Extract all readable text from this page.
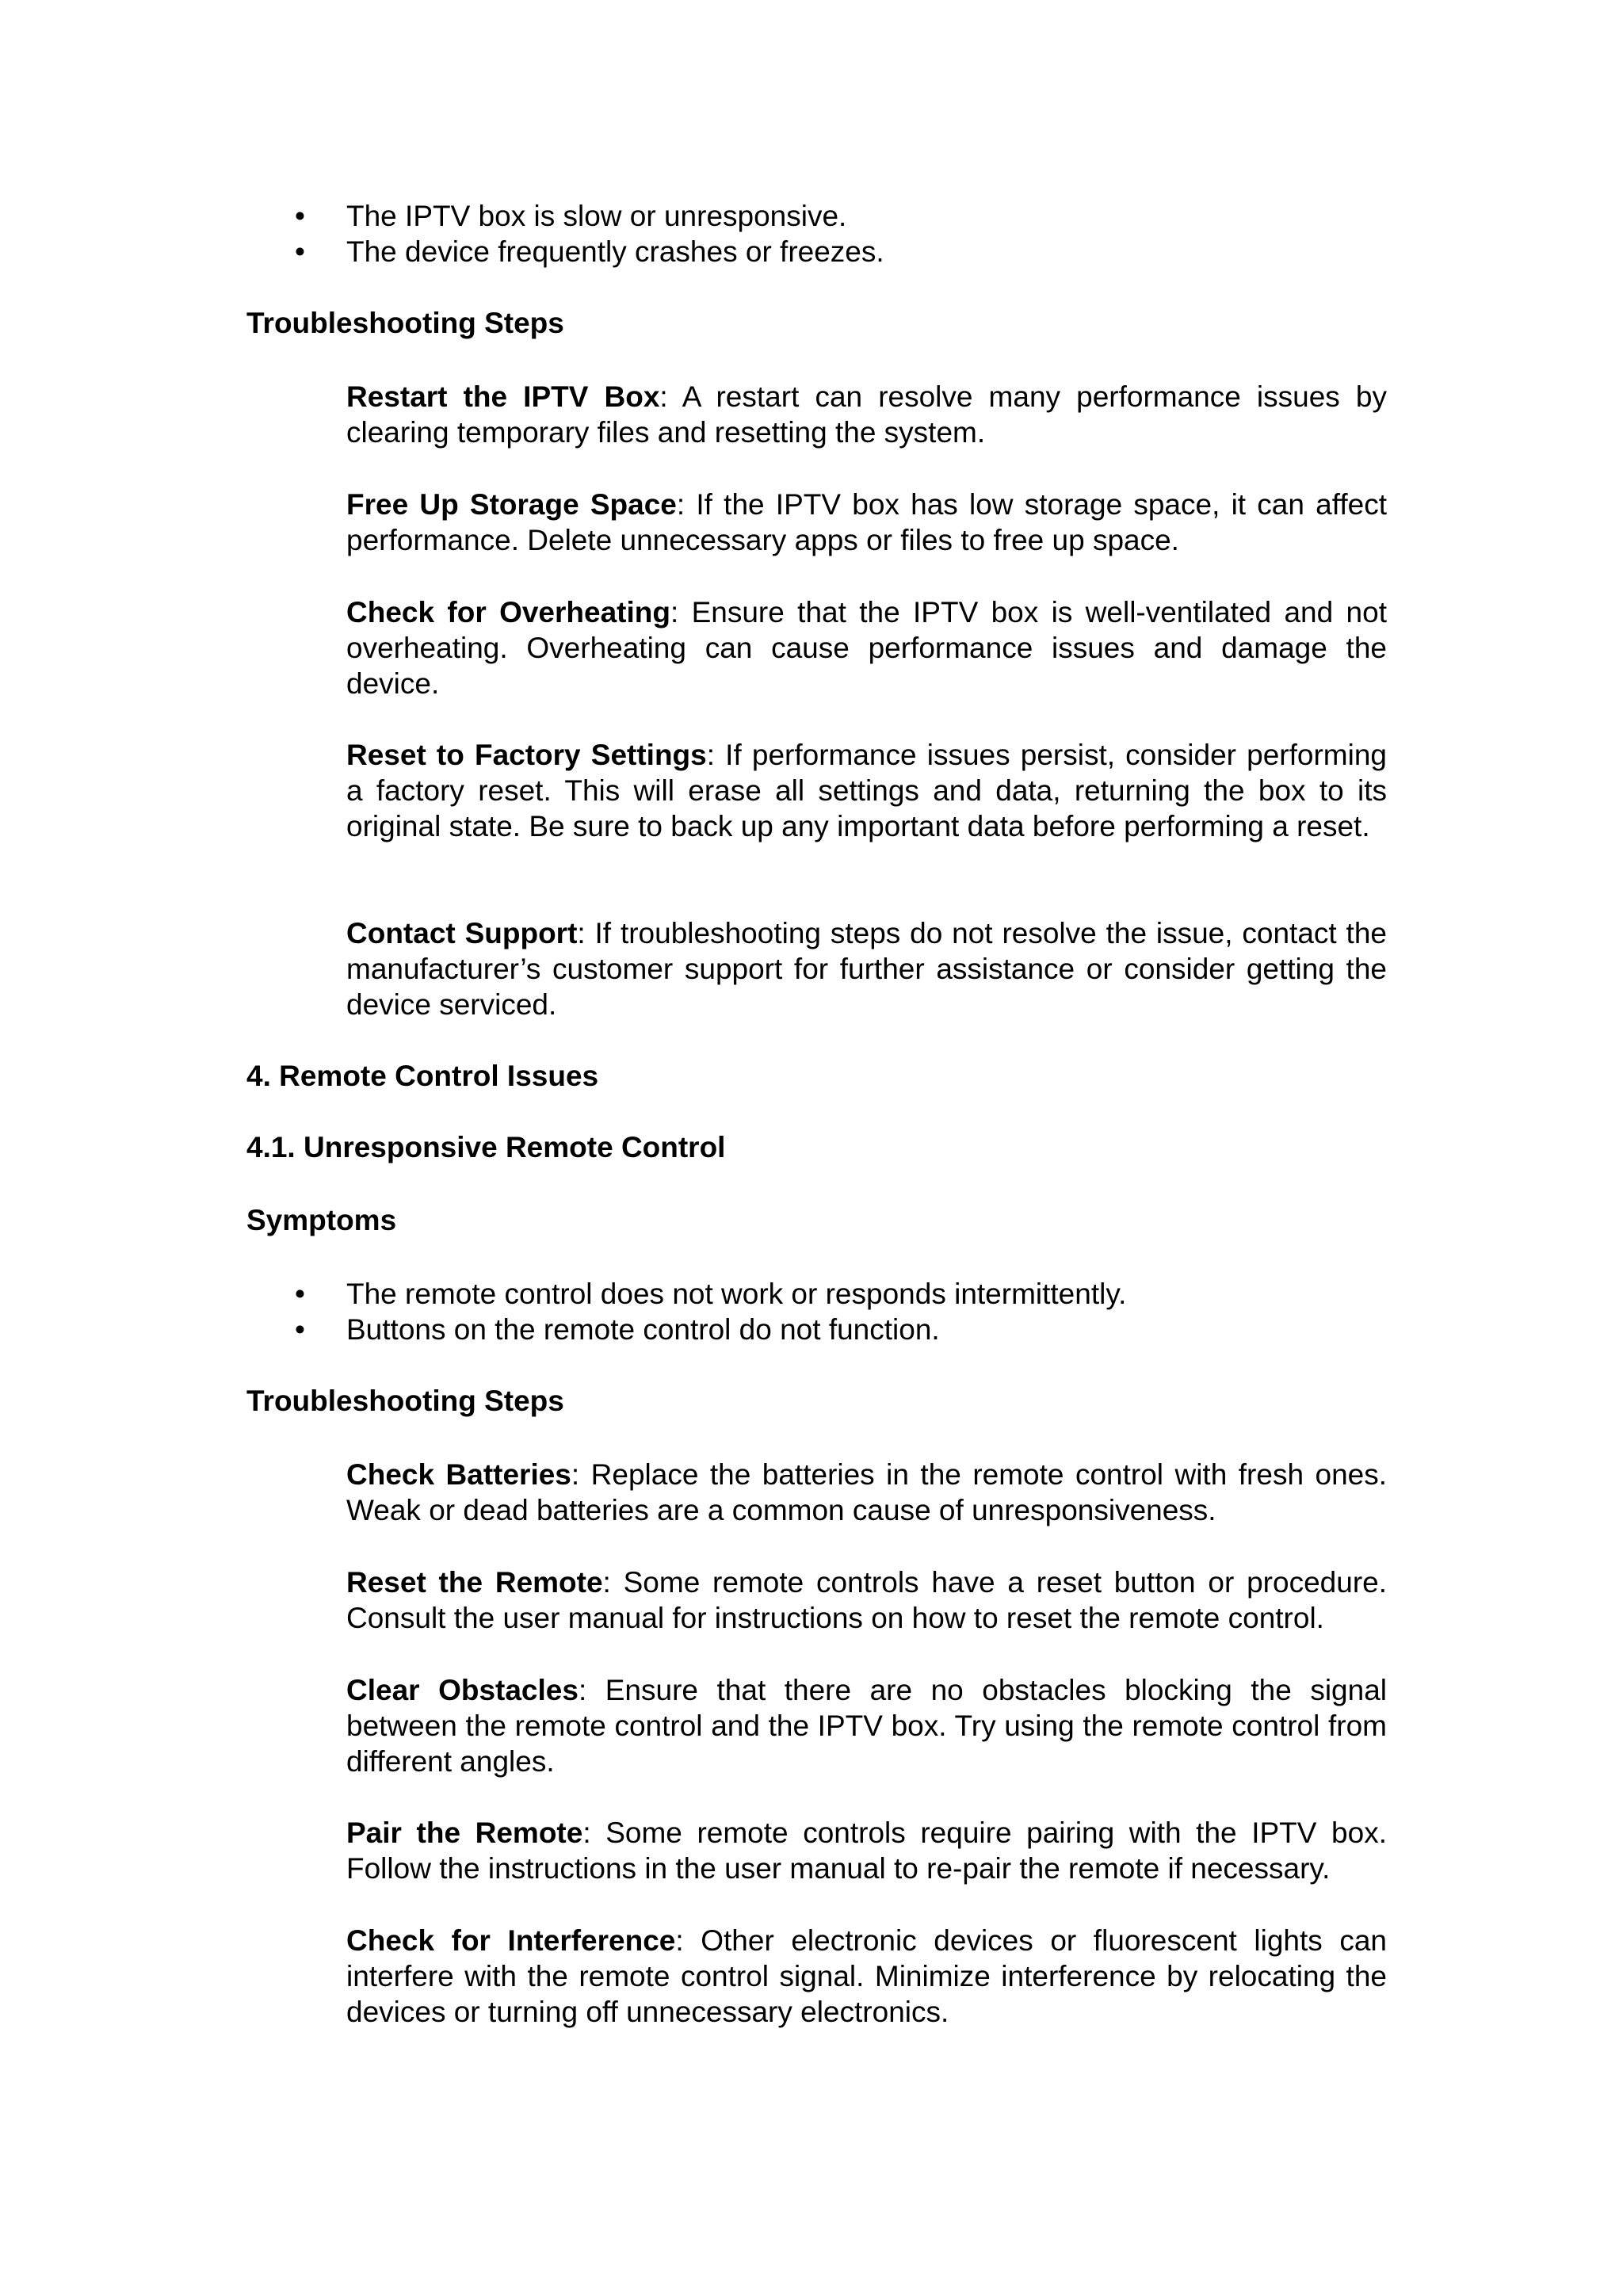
• The IPTV box is slow or unresponsive.
• The device frequently crashes or freezes.
Troubleshooting Steps
Restart the IPTV Box: A restart can resolve many performance issues by clearing temporary files and resetting the system.
Free Up Storage Space: If the IPTV box has low storage space, it can affect performance. Delete unnecessary apps or files to free up space.
Check for Overheating: Ensure that the IPTV box is well-ventilated and not overheating. Overheating can cause performance issues and damage the device.
Reset to Factory Settings: If performance issues persist, consider performing a factory reset. This will erase all settings and data, returning the box to its original state. Be sure to back up any important data before performing a reset.
Contact Support: If troubleshooting steps do not resolve the issue, contact the manufacturer’s customer support for further assistance or consider getting the device serviced.
4. Remote Control Issues
4.1. Unresponsive Remote Control
Symptoms
• The remote control does not work or responds intermittently.
• Buttons on the remote control do not function.
Troubleshooting Steps
Check Batteries: Replace the batteries in the remote control with fresh ones. Weak or dead batteries are a common cause of unresponsiveness.
Reset the Remote: Some remote controls have a reset button or procedure. Consult the user manual for instructions on how to reset the remote control.
Clear Obstacles: Ensure that there are no obstacles blocking the signal between the remote control and the IPTV box. Try using the remote control from different angles.
Pair the Remote: Some remote controls require pairing with the IPTV box. Follow the instructions in the user manual to re-pair the remote if necessary.
Check for Interference: Other electronic devices or fluorescent lights can interfere with the remote control signal. Minimize interference by relocating the devices or turning off unnecessary electronics.
